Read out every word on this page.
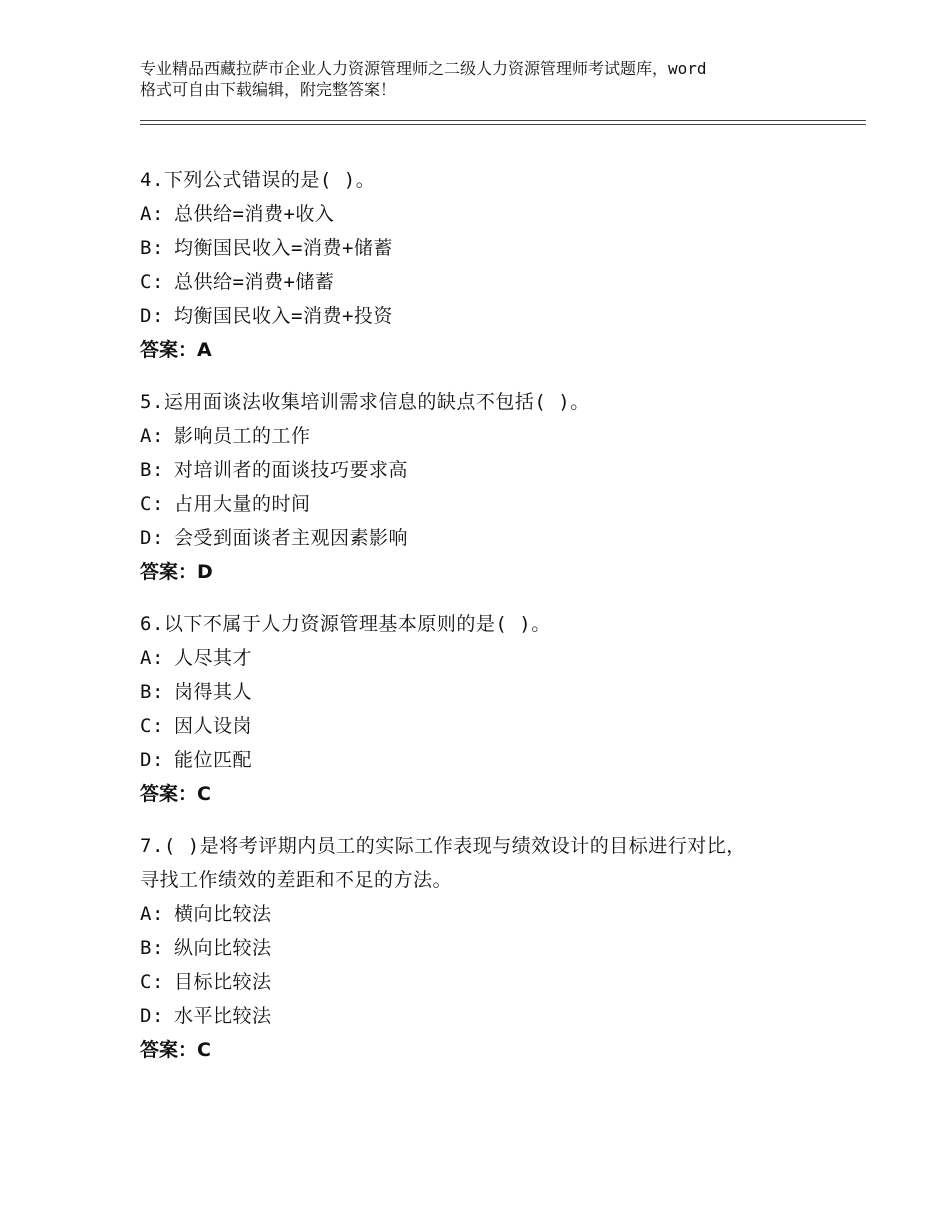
专业精品西藏拉萨市企业人力资源管理师之二级人力资源管理师考试题库，word
格式可自由下载编辑，附完整答案！
4.下列公式错误的是( )。
A: 总供给=消费+收入
B: 均衡国民收入=消费+储蓄
C: 总供给=消费+储蓄
D: 均衡国民收入=消费+投资
答案：A
5.运用面谈法收集培训需求信息的缺点不包括( )。
A: 影响员工的工作
B: 对培训者的面谈技巧要求高
C: 占用大量的时间
D: 会受到面谈者主观因素影响
答案：D
6.以下不属于人力资源管理基本原则的是( )。
A: 人尽其才
B: 岗得其人
C: 因人设岗
D: 能位匹配
答案：C
7.( )是将考评期内员工的实际工作表现与绩效设计的目标进行对比，
寻找工作绩效的差距和不足的方法。
A: 横向比较法
B: 纵向比较法
C: 目标比较法
D: 水平比较法
答案：C
